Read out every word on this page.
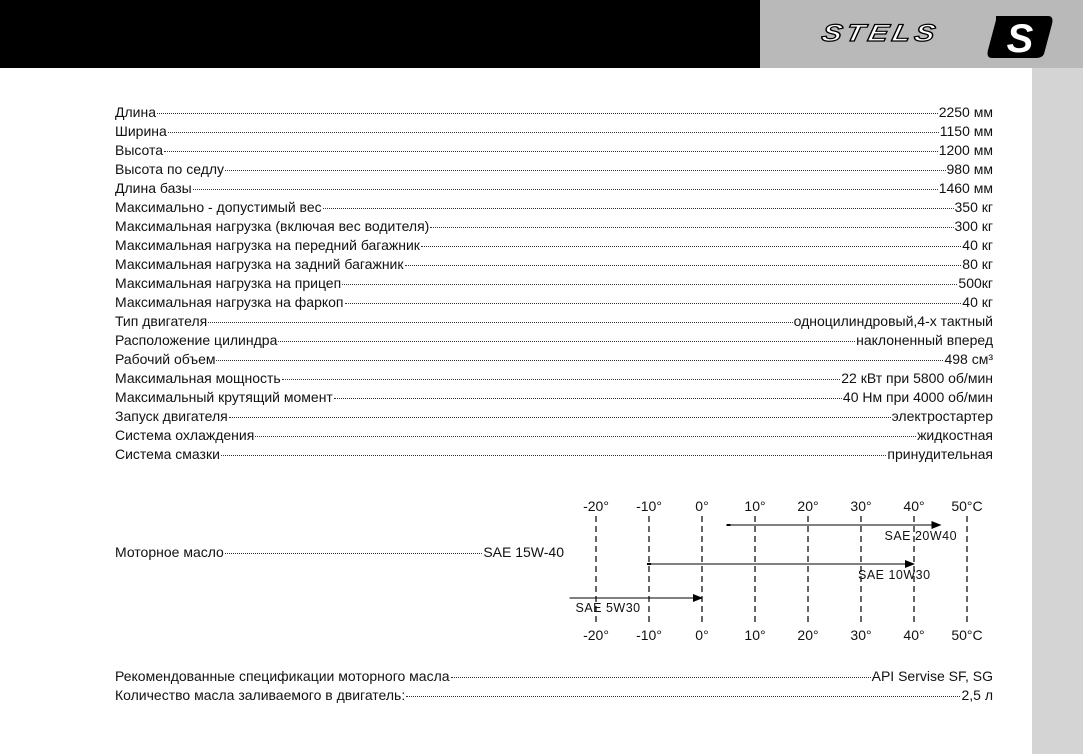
STELS S
Длина	2250 мм
Ширина	1150 мм
Высота	1200 мм
Высота по седлу	980 мм
Длина базы	1460 мм
Максимально - допустимый вес	350 кг
Максимальная нагрузка (включая вес водителя)	300 кг
Максимальная нагрузка на передний багажник	40 кг
Максимальная нагрузка на задний багажник	80 кг
Максимальная нагрузка на прицеп	500кг
Максимальная нагрузка на фаркоп	40 кг
Тип двигателя	одноцилиндровый,4-х тактный
Расположение цилиндра	наклоненный вперед
Рабочий объем	498 см³
Максимальная мощность	22 кВт при 5800 об/мин
Максимальный крутящий момент	40 Нм при 4000 об/мин
Запуск двигателя	электростартер
Система охлаждения	жидкостная
Система смазки	принудительная
Моторное масло	SAE 15W-40
Рекомендованные спецификации моторного масла	API Servise SF, SG
Количество масла заливаемого в двигатель:	2,5 л
-20°
-20°
-10°
-10°
0°
0°
10°
10°
20°
20°
30°
30°
40°
40°
50°C
50°C
SAE 20W40
SAE 10W30
SAE 5W30
